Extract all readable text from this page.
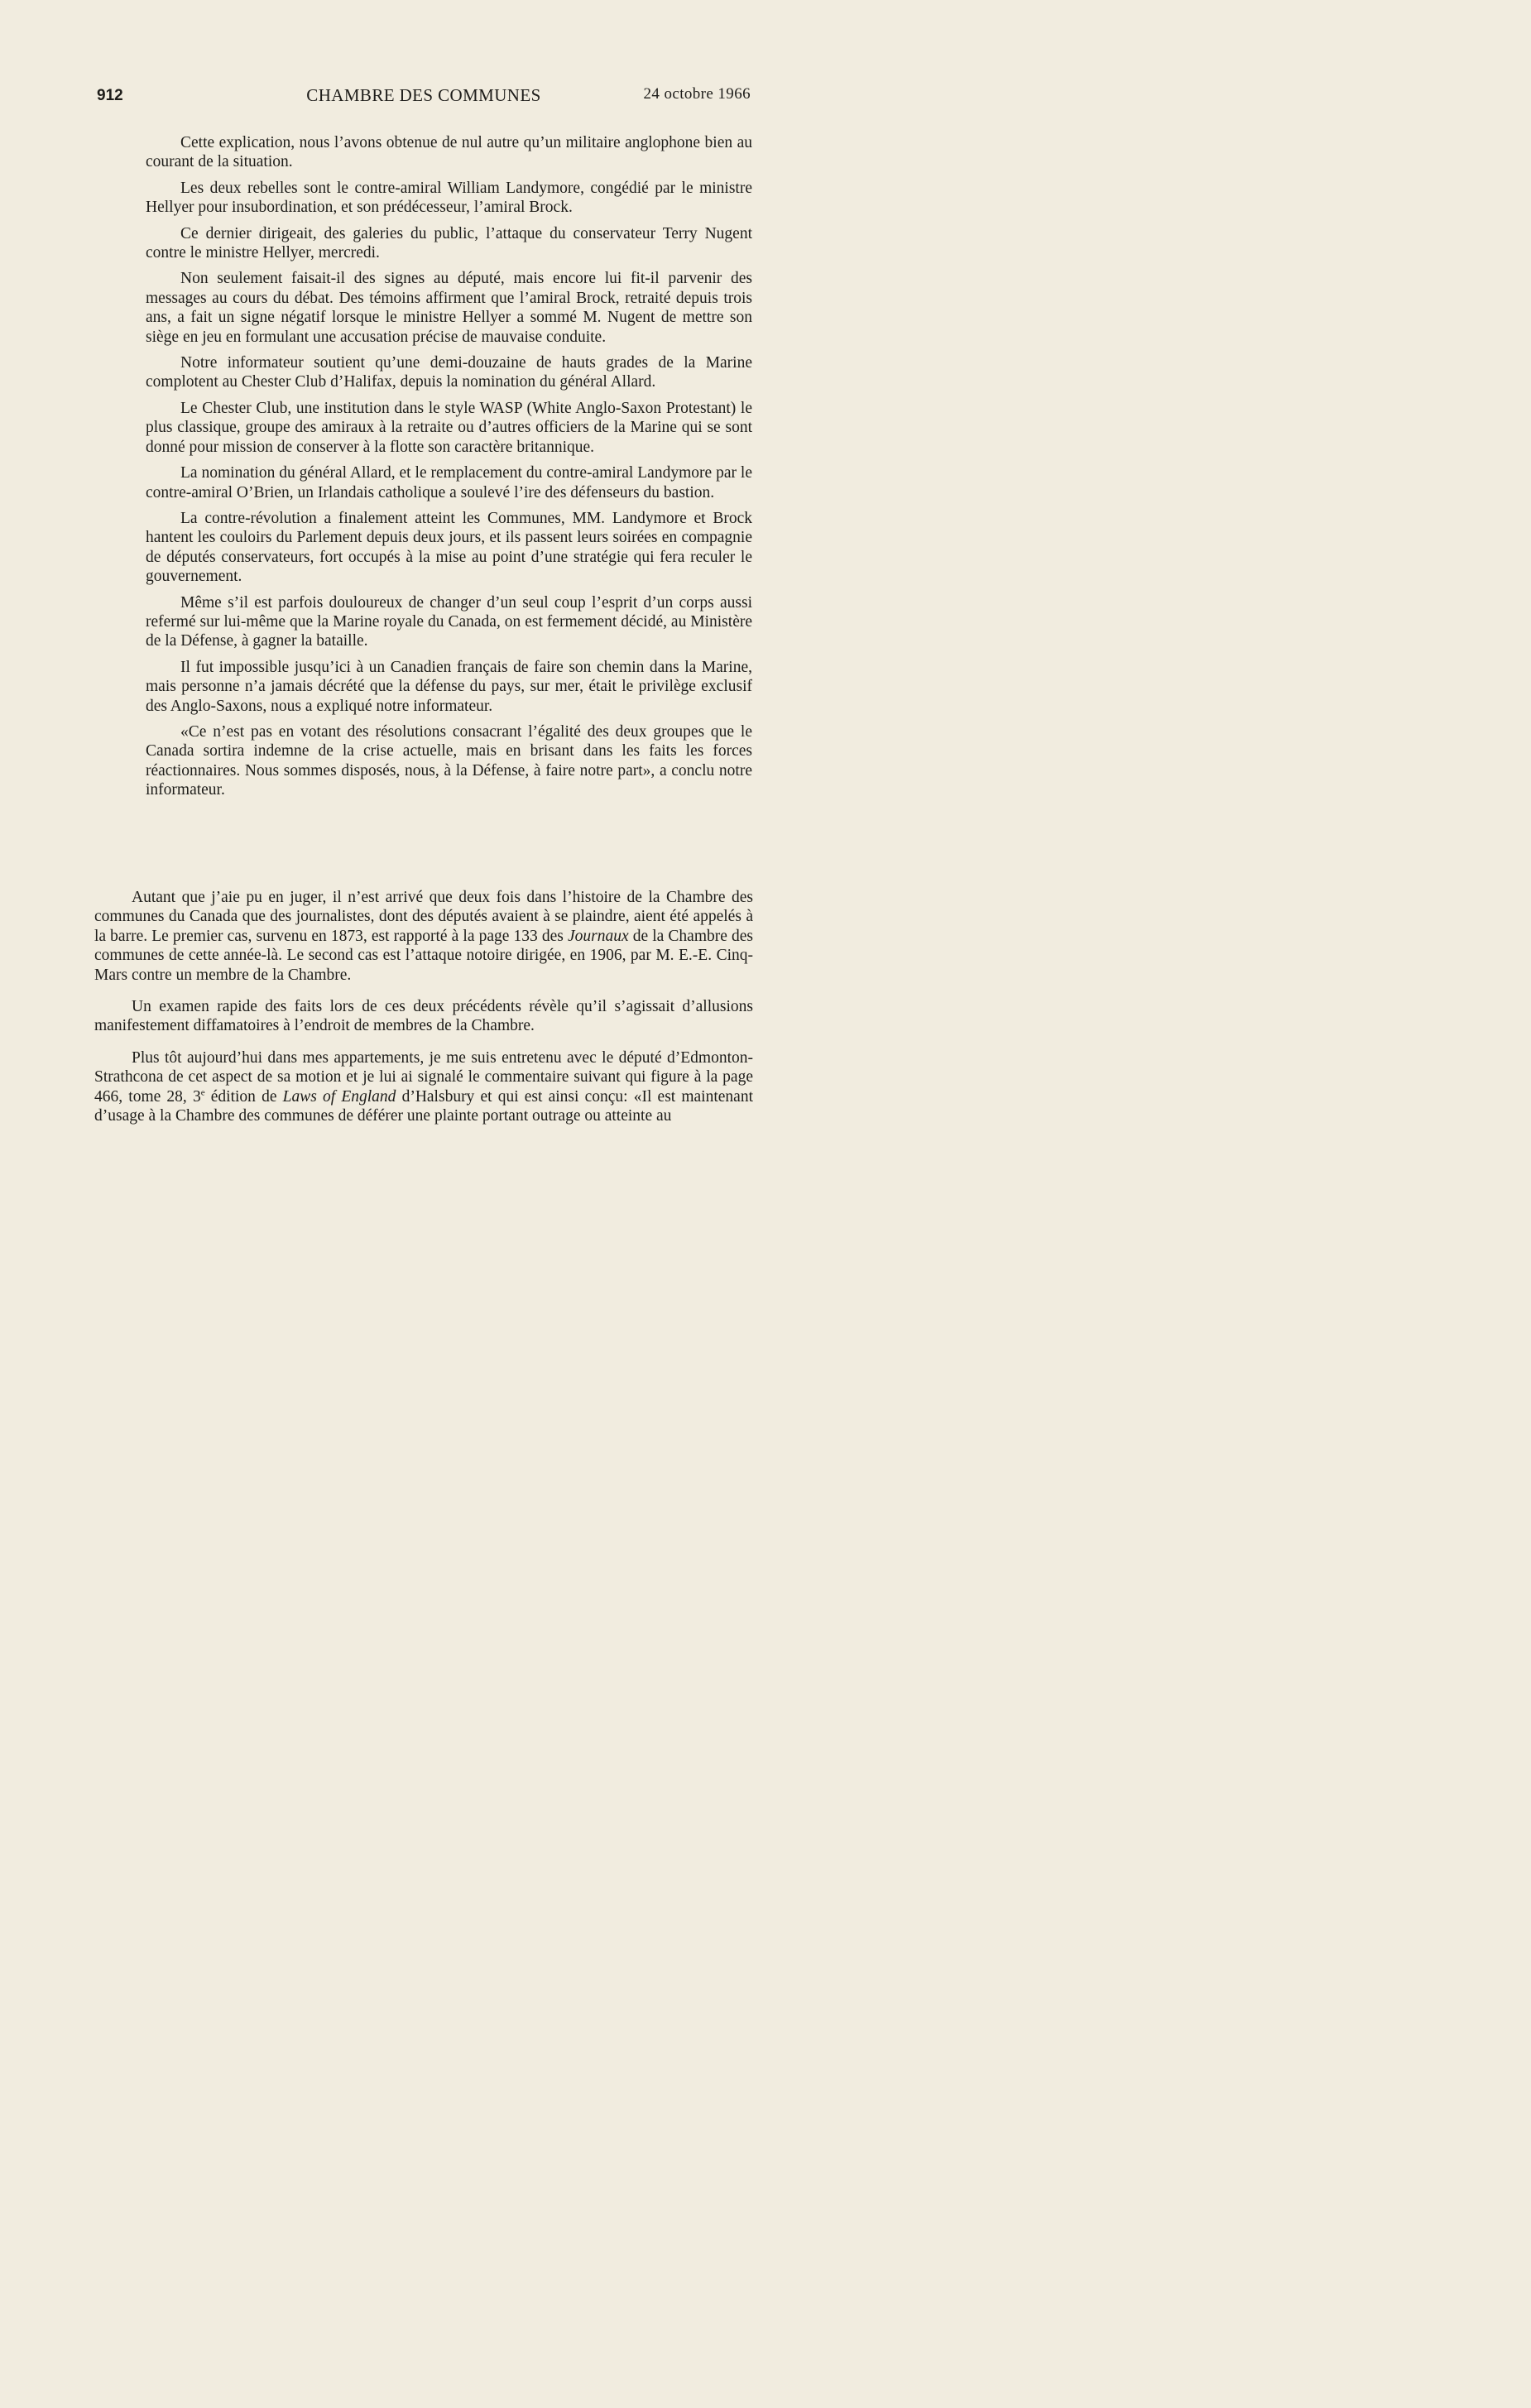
912	CHAMBRE DES COMMUNES	24 octobre 1966

Cette explication, nous l’avons obtenue de nul autre qu’un militaire anglophone bien au courant de la situation.

Les deux rebelles sont le contre-amiral William Landymore, congédié par le ministre Hellyer pour insubordination, et son prédécesseur, l’amiral Brock.

Ce dernier dirigeait, des galeries du public, l’attaque du conservateur Terry Nugent contre le ministre Hellyer, mercredi.

Non seulement faisait-il des signes au député, mais encore lui fit-il parvenir des messages au cours du débat. Des témoins affirment que l’amiral Brock, retraité depuis trois ans, a fait un signe négatif lorsque le ministre Hellyer a sommé M. Nugent de mettre son siège en jeu en formulant une accusation précise de mauvaise conduite.

Notre informateur soutient qu’une demi-douzaine de hauts grades de la Marine complotent au Chester Club d’Halifax, depuis la nomination du général Allard.

Le Chester Club, une institution dans le style WASP (White Anglo-Saxon Protestant) le plus classique, groupe des amiraux à la retraite ou d’autres officiers de la Marine qui se sont donné pour mission de conserver à la flotte son caractère britannique.

La nomination du général Allard, et le remplacement du contre-amiral Landymore par le contre-amiral O’Brien, un Irlandais catholique a soulevé l’ire des défenseurs du bastion.

La contre-révolution a finalement atteint les Communes, MM. Landymore et Brock hantent les couloirs du Parlement depuis deux jours, et ils passent leurs soirées en compagnie de députés conservateurs, fort occupés à la mise au point d’une stratégie qui fera reculer le gouvernement.

Même s’il est parfois douloureux de changer d’un seul coup l’esprit d’un corps aussi refermé sur lui-même que la Marine royale du Canada, on est fermement décidé, au Ministère de la Défense, à gagner la bataille.

Il fut impossible jusqu’ici à un Canadien français de faire son chemin dans la Marine, mais personne n’a jamais décrété que la défense du pays, sur mer, était le privilège exclusif des Anglo-Saxons, nous a expliqué notre informateur.

«Ce n’est pas en votant des résolutions consacrant l’égalité des deux groupes que le Canada sortira indemne de la crise actuelle, mais en brisant dans les faits les forces réactionnaires. Nous sommes disposés, nous, à la Défense, à faire notre part», a conclu notre informateur.

Autant que j’aie pu en juger, il n’est arrivé que deux fois dans l’histoire de la Chambre des communes du Canada que des journalistes, dont des députés avaient à se plaindre, aient été appelés à la barre. Le premier cas, survenu en 1873, est rapporté à la page 133 des Journaux de la Chambre des communes de cette année-là. Le second cas est l’attaque notoire dirigée, en 1906, par M. E.-E. Cinq-Mars contre un membre de la Chambre.

Un examen rapide des faits lors de ces deux précédents révèle qu’il s’agissait d’allusions manifestement diffamatoires à l’endroit de membres de la Chambre.

Plus tôt aujourd’hui dans mes appartements, je me suis entretenu avec le député d’Edmonton-Strathcona de cet aspect de sa motion et je lui ai signalé le commentaire suivant qui figure à la page 466, tome 28, 3e édition de Laws of England d’Halsbury et qui est ainsi conçu: «Il est maintenant d’usage à la Chambre des communes de déférer une plainte portant outrage ou atteinte au
